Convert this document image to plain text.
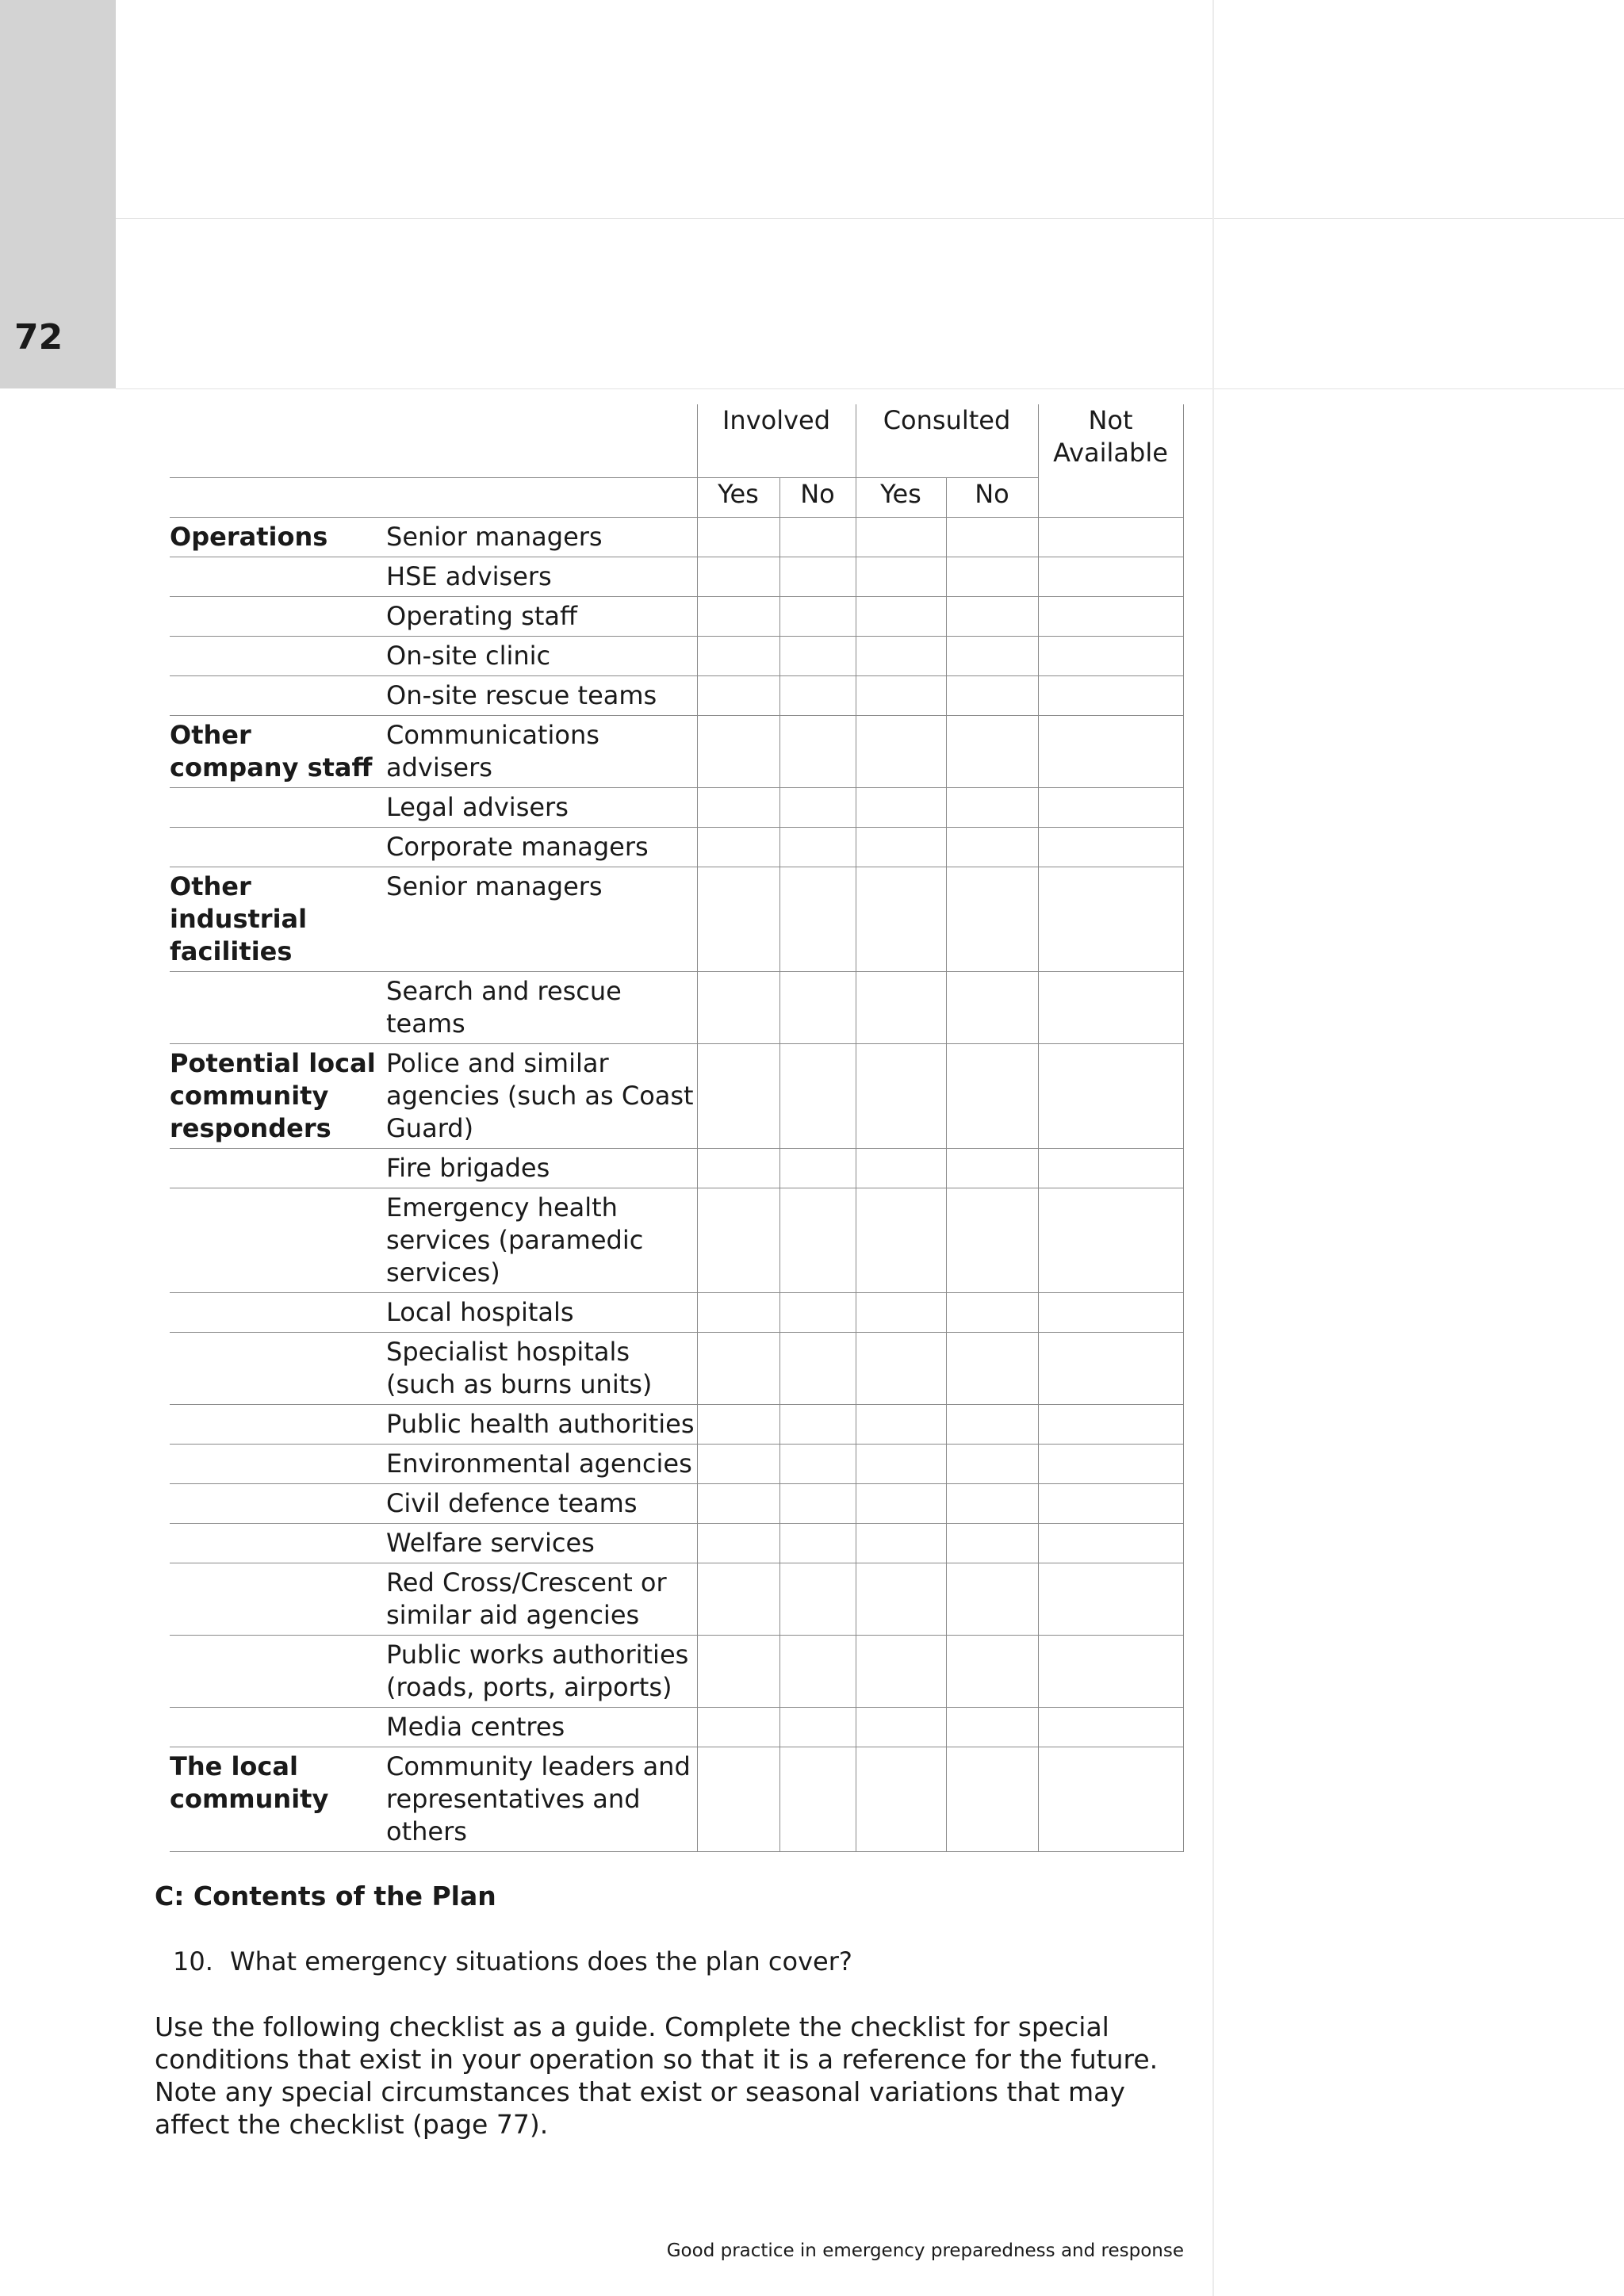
72
		Involved		Consulted		Not
Available

		Yes	No	Yes	No	
Operations	Senior managers					
	HSE advisers					
	Operating staff					
	On-site clinic					
	On-site rescue teams					
Other company staff	Communications advisers					
	Legal advisers					
	Corporate managers					
Other industrial facilities	Senior managers					
	Search and rescue teams					
Potential local community responders	Police and similar agencies (such as Coast Guard)					
	Fire brigades					
	Emergency health services (paramedic services)					
	Local hospitals					
	Specialist hospitals (such as burns units)					
	Public health authorities					
	Environmental agencies					
	Civil defence teams					
	Welfare services					
	Red Cross/Crescent or similar aid agencies					
	Public works authorities (roads, ports, airports)					
	Media centres					
The local community	Community leaders and representatives and others					
C: Contents of the Plan
10. What emergency situations does the plan cover?
Use the following checklist as a guide. Complete the checklist for special conditions that exist in your operation so that it is a reference for the future. Note any special circumstances that exist or seasonal variations that may affect the checklist (page 77).
Good practice in emergency preparedness and response
